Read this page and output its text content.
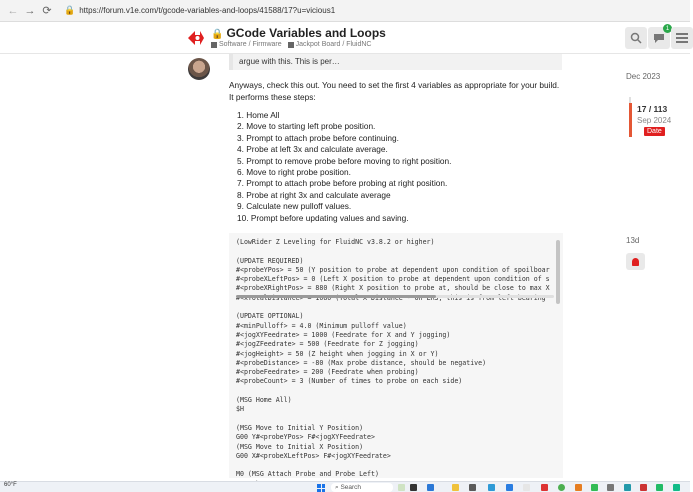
← → ⟳ 🔒 https://forum.v1e.com/t/gcode-variables-and-loops/41588/17?u=vicious1
🔒 GCode Variables and Loops
Software / Firmware Jackpot Board / FluidNC
1
argue with this. This is per…
Anyways, check this out. You need to set the first 4 variables as appropriate for your build. It performs these steps:
1. Home All
2. Move to starting left probe position.
3. Prompt to attach probe before continuing.
4. Probe at left 3x and calculate average.
5. Prompt to remove probe before moving to right position.
6. Move to right probe position.
7. Prompt to attach probe before probing at right position.
8. Probe at right 3x and calculate average
9. Calculate new pulloff values.
10. Prompt before updating values and saving.
(LowRider Z Leveling for FluidNC v3.8.2 or higher)
(UPDATE REQUIRED)
#<probeYPos> = 50 (Y position to probe at dependent upon condition of spoilboar
#<probeXLeftPos> = 0 (Left X position to probe at dependent upon condition of s
#<probeXRightPos> = 880 (Right X position to probe at, should be close to max X
(UPDATE OPTIONAL)
#<minPulloff> = 4.0 (Minimum pulloff value)
#<jogXYFeedrate> = 1000 (Feedrate for X and Y jogging)
#<jogZFeedrate> = 500 (Feedrate for Z jogging)
#<jogHeight> = 50 (Z height when jogging in X or Y)
#<probeDistance> = -80 (Max probe distance, should be negative)
#<probeFeedrate> = 200 (Feedrate when probing)
#<probeCount> = 3 (Number of times to probe on each side)
(MSG Home All)
$H
(MSG Move to Initial Y Position)
G00 Y#<probeYPos> F#<jogXYFeedrate>
(MSG Move to Initial X Position)
G00 X#<probeXLeftPos> F#<jogXYFeedrate>
M0 (MSG Attach Probe and Probe Left)
Dec 2023
17 / 113
Sep 2024
Date
13d
60°F	⌕ Search
